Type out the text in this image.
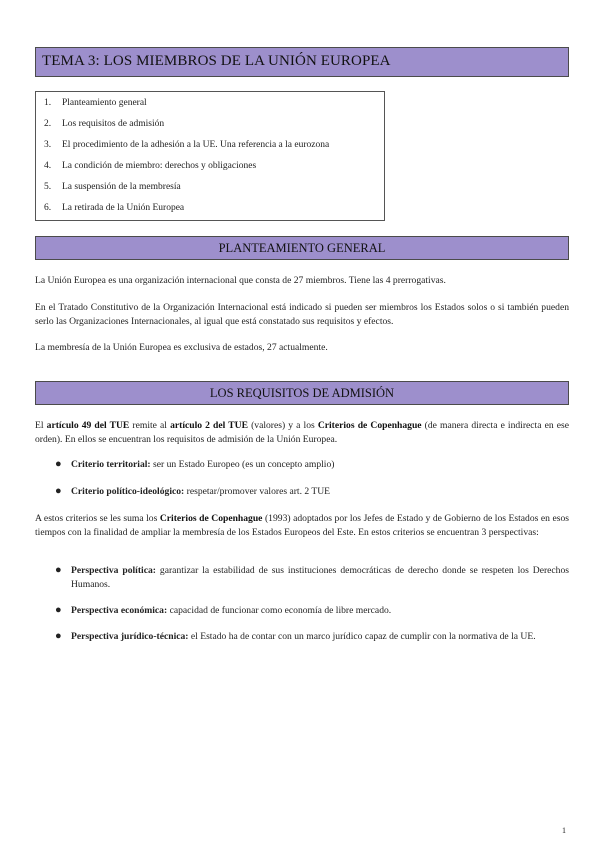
TEMA 3: LOS MIEMBROS DE LA UNIÓN EUROPEA
1.	Planteamiento general
2.	Los requisitos de admisión
3.	El procedimiento de la adhesión a la UE. Una referencia a la eurozona
4.	La condición de miembro: derechos y obligaciones
5.	La suspensión de la membresía
6.	La retirada de la Unión Europea
PLANTEAMIENTO GENERAL
La Unión Europea es una organización internacional que consta de 27 miembros. Tiene las 4 prerrogativas.
En el Tratado Constitutivo de la Organización Internacional está indicado si pueden ser miembros los Estados solos o si también pueden serlo las Organizaciones Internacionales, al igual que está constatado sus requisitos y efectos.
La membresía de la Unión Europea es exclusiva de estados, 27 actualmente.
LOS REQUISITOS DE ADMISIÓN
El artículo 49 del TUE remite al artículo 2 del TUE (valores) y a los Criterios de Copenhague (de manera directa e indirecta en ese orden). En ellos se encuentran los requisitos de admisión de la Unión Europea.
● Criterio territorial: ser un Estado Europeo (es un concepto amplio)
● Criterio político-ideológico: respetar/promover valores art. 2 TUE
A estos criterios se les suma los Criterios de Copenhague (1993) adoptados por los Jefes de Estado y de Gobierno de los Estados en esos tiempos con la finalidad de ampliar la membresía de los Estados Europeos del Este. En estos criterios se encuentran 3 perspectivas:
● Perspectiva política: garantizar la estabilidad de sus instituciones democráticas de derecho donde se respeten los Derechos Humanos.
● Perspectiva económica: capacidad de funcionar como economía de libre mercado.
● Perspectiva jurídico-técnica: el Estado ha de contar con un marco jurídico capaz de cumplir con la normativa de la UE.
1
